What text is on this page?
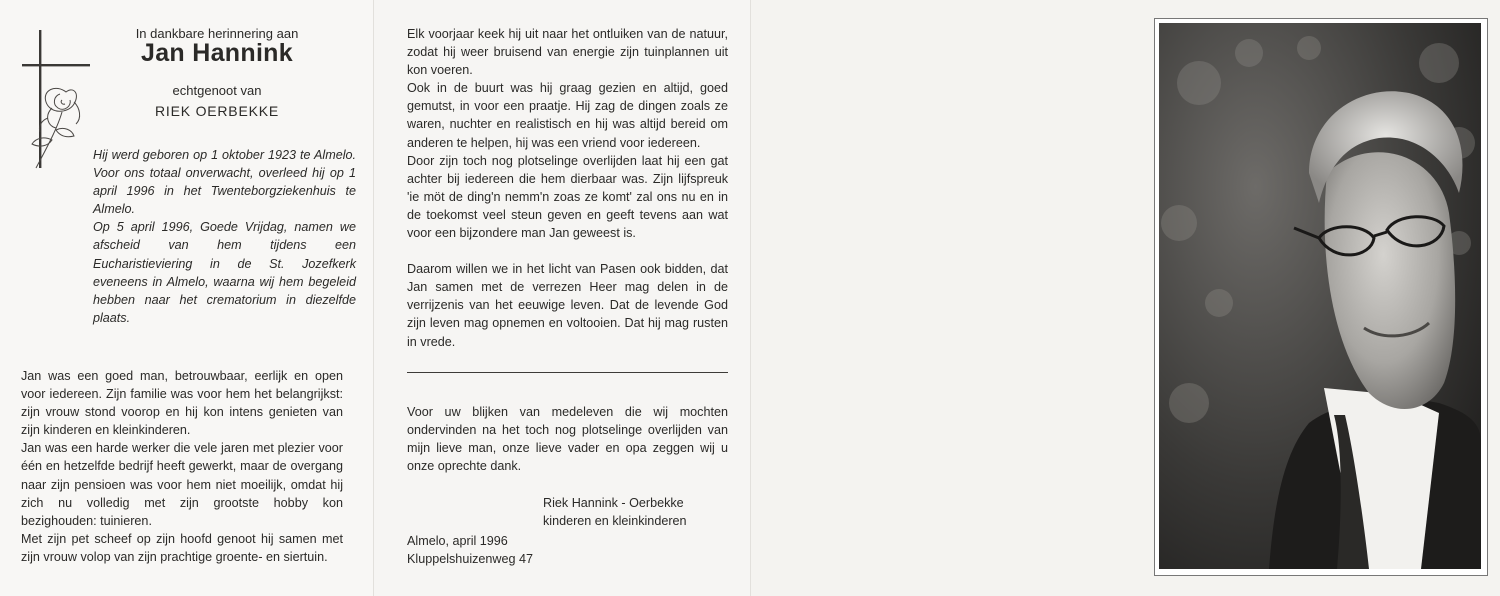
In dankbare herinnering aan
Jan Hannink
echtgenoot van
RIEK OERBEKKE

Hij werd geboren op 1 oktober 1923 te Almelo. Voor ons totaal onverwacht, overleed hij op 1 april 1996 in het Twenteborgziekenhuis te Almelo.

Op 5 april 1996, Goede Vrijdag, namen we afscheid van hem tijdens een Eucharistieviering in de St. Jozefkerk eveneens in Almelo, waarna wij hem begeleid hebben naar het crematorium in diezelfde plaats.

Jan was een goed man, betrouwbaar, eerlijk en open voor iedereen. Zijn familie was voor hem het belangrijkst: zijn vrouw stond voorop en hij kon intens genieten van zijn kinderen en kleinkinderen.

Jan was een harde werker die vele jaren met plezier voor één en hetzelfde bedrijf heeft gewerkt, maar de overgang naar zijn pensioen was voor hem niet moeilijk, omdat hij zich nu volledig met zijn grootste hobby kon bezighouden: tuinieren.

Met zijn pet scheef op zijn hoofd genoot hij samen met zijn vrouw volop van zijn prachtige groente- en siertuin.

Elk voorjaar keek hij uit naar het ontluiken van de natuur, zodat hij weer bruisend van energie zijn tuinplannen uit kon voeren.

Ook in de buurt was hij graag gezien en altijd, goed gemutst, in voor een praatje. Hij zag de dingen zoals ze waren, nuchter en realistisch en hij was altijd bereid om anderen te helpen, hij was een vriend voor iedereen.

Door zijn toch nog plotselinge overlijden laat hij een gat achter bij iedereen die hem dierbaar was. Zijn lijfspreuk 'ie möt de ding'n nemm'n zoas ze komt' zal ons nu en in de toekomst veel steun geven en geeft tevens aan wat voor een bijzondere man Jan geweest is.

Daarom willen we in het licht van Pasen ook bidden, dat Jan samen met de verrezen Heer mag delen in de verrijzenis van het eeuwige leven. Dat de levende God zijn leven mag opnemen en voltooien. Dat hij mag rusten in vrede.

Voor uw blijken van medeleven die wij mochten ondervinden na het toch nog plotselinge overlijden van mijn lieve man, onze lieve vader en opa zeggen wij u onze oprechte dank.

Riek Hannink - Oerbekke
kinderen en kleinkinderen
Almelo, april 1996
Kluppelshuizenweg 47
